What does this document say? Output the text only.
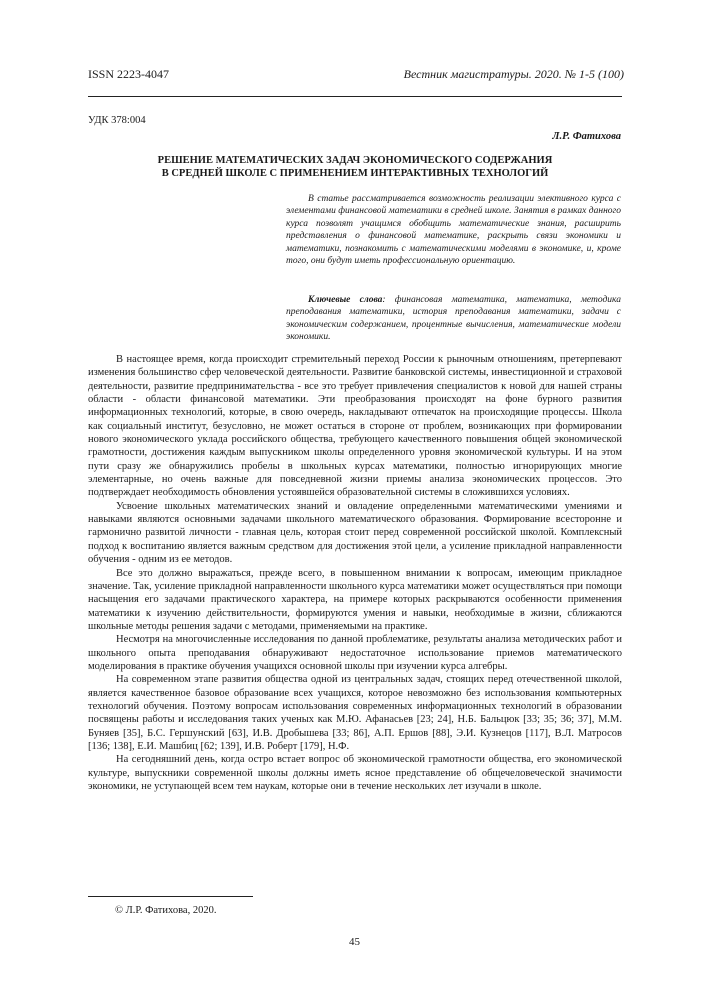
ISSN 2223-4047	Вестник магистратуры. 2020. № 1-5 (100)
УДК 378:004
Л.Р. Фатихова
РЕШЕНИЕ МАТЕМАТИЧЕСКИХ ЗАДАЧ ЭКОНОМИЧЕСКОГО СОДЕРЖАНИЯ
В СРЕДНЕЙ ШКОЛЕ С ПРИМЕНЕНИЕМ ИНТЕРАКТИВНЫХ ТЕХНОЛОГИЙ
В статье рассматривается возможность реализации элективного курса с элементами финансовой математики в средней школе. Занятия в рамках данного курса позволят учащимся обобщить математические знания, расширить представления о финансовой математике, раскрыть связи экономики и математики, познакомить с математическими моделями в экономике, и, кроме того, они будут иметь профессиональную ориентацию.
Ключевые слова: финансовая математика, математика, методика преподавания математики, история преподавания математики, задачи с экономическим содержанием, процентные вычисления, математические модели экономики.

В настоящее время, когда происходит стремительный переход России к рыночным отношениям, претерпевают изменения большинство сфер человеческой деятельности. Развитие банковской системы, инвестиционной и страховой деятельности, развитие предпринимательства - все это требует привлечения специалистов к новой для нашей страны области - области финансовой математики. Эти преобразования происходят на фоне бурного развития информационных технологий, которые, в свою очередь, накладывают отпечаток на происходящие процессы. Школа как социальный институт, безусловно, не может остаться в стороне от проблем, возникающих при формировании нового экономического уклада российского общества, требующего качественного повышения общей экономической грамотности, достижения каждым выпускником школы определенного уровня экономической культуры. И на этом пути сразу же обнаружились пробелы в школьных курсах математики, полностью игнорирующих многие элементарные, но очень важные для повседневной жизни приемы анализа экономических процессов. Это подтверждает необходимость обновления устоявшейся образовательной системы в сложившихся условиях.

Усвоение школьных математических знаний и овладение определенными математическими умениями и навыками являются основными задачами школьного математического образования. Формирование всесторонне и гармонично развитой личности - главная цель, которая стоит перед современной российской школой. Комплексный подход к воспитанию является важным средством для достижения этой цели, а усиление прикладной направленности обучения - одним из ее методов.

Все это должно выражаться, прежде всего, в повышенном внимании к вопросам, имеющим прикладное значение. Так, усиление прикладной направленности школьного курса математики может осуществляться при помощи насыщения его задачами практического характера, на примере которых раскрываются особенности применения математики к изучению действительности, формируются умения и навыки, необходимые в жизни, сближаются школьные методы решения задачи с методами, применяемыми на практике.

Несмотря на многочисленные исследования по данной проблематике, результаты анализа методических работ и школьного опыта преподавания обнаруживают недостаточное использование приемов математического моделирования в практике обучения учащихся основной школы при изучении курса алгебры.

На современном этапе развития общества одной из центральных задач, стоящих перед отечественной школой, является качественное базовое образование всех учащихся, которое невозможно без использования компьютерных технологий обучения. Поэтому вопросам использования современных информационных технологий в образовании посвящены работы и исследования таких ученых как М.Ю. Афанасьев [23; 24], Н.Б. Бальцюк [33; 35; 36; 37], М.М. Буняев [35], Б.С. Гершунский [63], И.В. Дробышева [33; 86], А.П. Ершов [88], Э.И. Кузнецов [117], В.Л. Матросов [136; 138], Е.И. Машбиц [62; 139], И.В. Роберт [179], Н.Ф.

На сегодняшний день, когда остро встает вопрос об экономической грамотности общества, его экономической культуре, выпускники современной школы должны иметь ясное представление об общечеловеческой значимости экономики, не уступающей всем тем наукам, которые они в течение нескольких лет изучали в школе.

© Л.Р. Фатихова, 2020.
45
